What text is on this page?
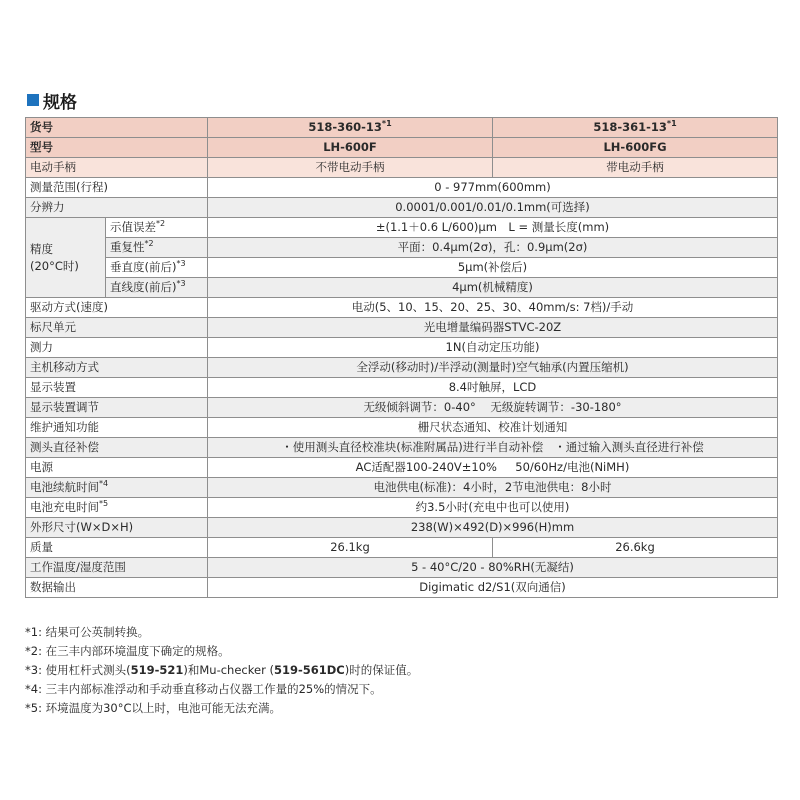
规格
货号		518-360-13$^{*1}$	518-361-13$^{*1}$
型号		LH-600F	LH-600FG
电动手柄		不带电动手柄	带电动手柄
测量范围(行程)		0 - 977mm(600mm)	
分辨力		0.0001/0.001/0.01/0.1mm(可选择)	

精度
(20°C时)	示值误差$^{*2}$	±(1.1＋0.6 L/600)μm　L = 测量长度(mm)	
	重复性$^{*2}$	平面：0.4μm(2σ)，孔：0.9μm(2σ)	
	垂直度(前后)$^{*3}$	5μm(补偿后)	
	直线度(前后)$^{*3}$	4μm(机械精度)	
驱动方式(速度)		电动(5、10、15、20、25、30、40mm/s: 7档)/手动	
标尺单元		光电增量编码器STVC-20Z	
测力		1N(自动定压功能)	
主机移动方式		全浮动(移动时)/半浮动(测量时)空气轴承(内置压缩机)	
显示装置		8.4吋触屏，LCD	
显示装置调节		无级倾斜调节：0-40° 无级旋转调节：-30-180°	
维护通知功能		栅尺状态通知、校准计划通知	
测头直径补偿		・使用测头直径校准块(标准附属品)进行半自动补偿 ・通过输入测头直径进行补偿	
电源		AC适配器100-240V±10% 50/60Hz/电池(NiMH)	
电池续航时间$^{*4}$		电池供电(标准)：4小时，2节电池供电：8小时	
电池充电时间$^{*5}$		约3.5小时(充电中也可以使用)	
外形尺寸(W×D×H)		238(W)×492(D)×996(H)mm	
质量		26.1kg	26.6kg
工作温度/湿度范围		5 - 40°C/20 - 80%RH(无凝结)	
数据输出		Digimatic d2/S1(双向通信)	
*1: 结果可公英制转换。
*2: 在三丰内部环境温度下确定的规格。
*3: 使用杠杆式测头(519-521)和Mu-checker (519-561DC)时的保证值。
*4: 三丰内部标准浮动和手动垂直移动占仪器工作量的25%的情况下。
*5: 环境温度为30°C以上时，电池可能无法充满。
